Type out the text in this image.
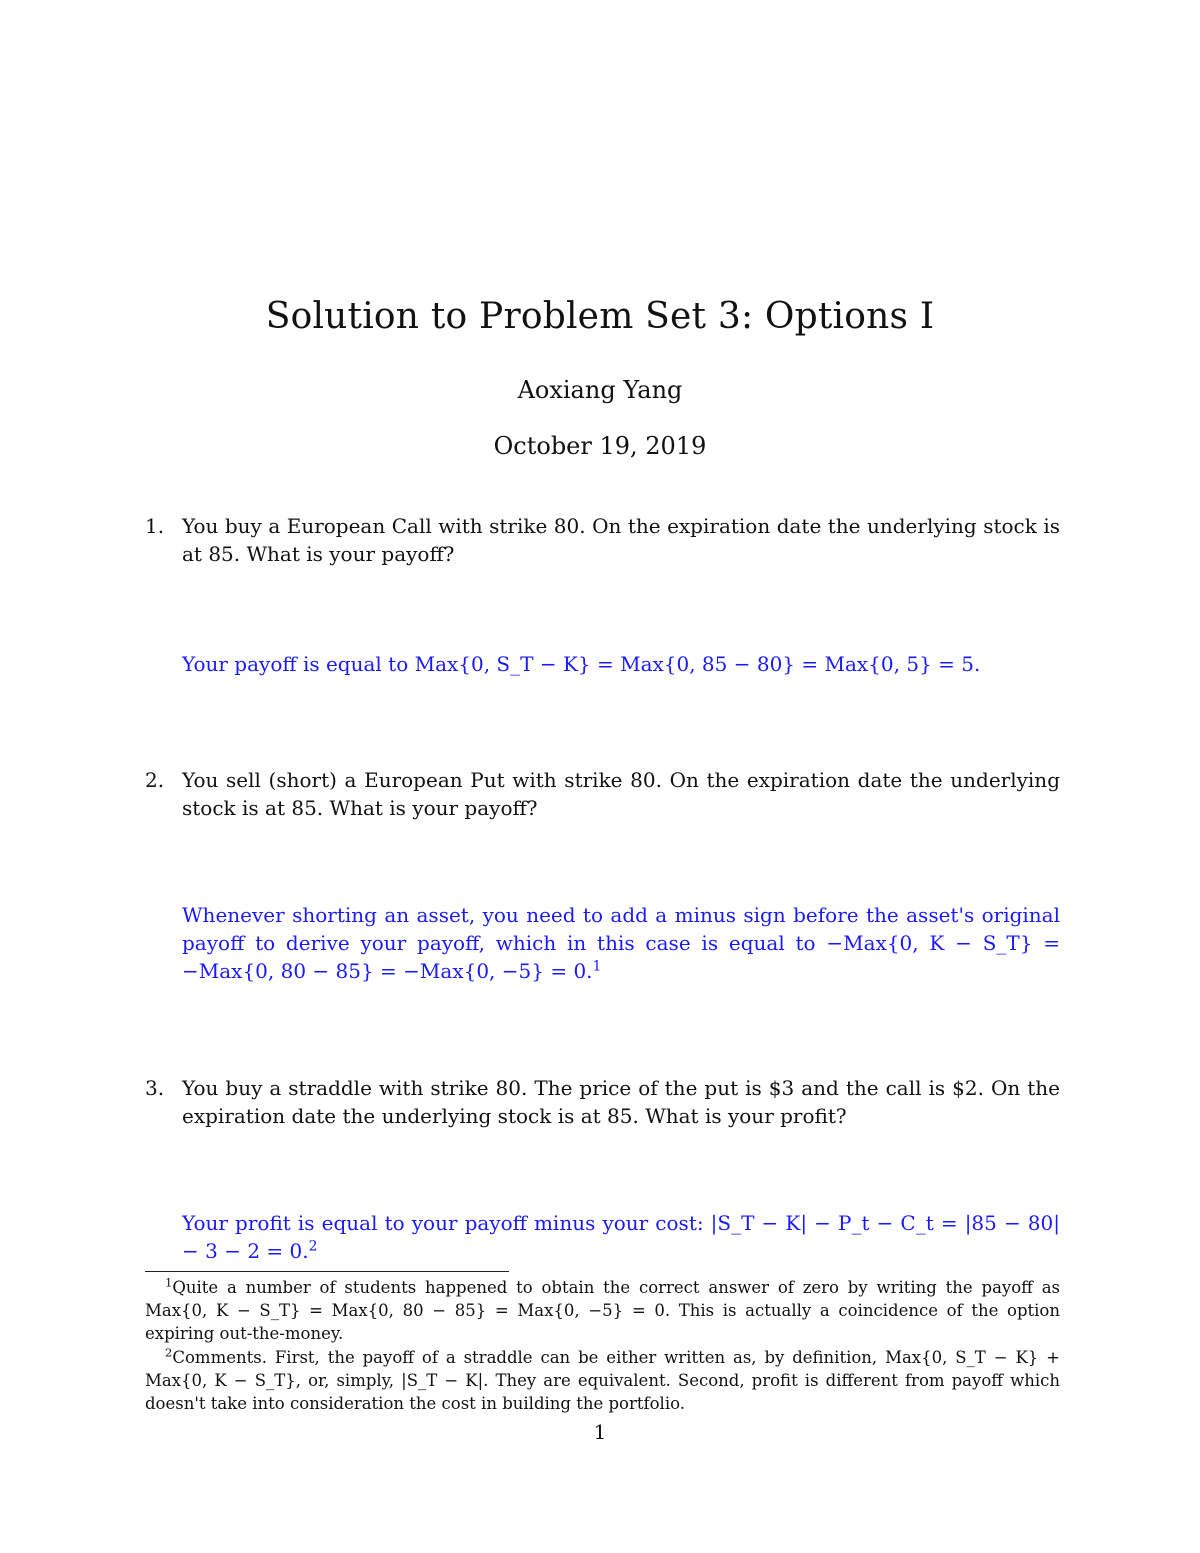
Solution to Problem Set 3: Options I
Aoxiang Yang
October 19, 2019
1. You buy a European Call with strike 80. On the expiration date the underlying stock is at 85. What is your payoff?
Your payoff is equal to Max{0, S_T − K} = Max{0, 85 − 80} = Max{0, 5} = 5.
2. You sell (short) a European Put with strike 80. On the expiration date the underlying stock is at 85. What is your payoff?
Whenever shorting an asset, you need to add a minus sign before the asset's original payoff to derive your payoff, which in this case is equal to −Max{0, K − S_T} = −Max{0, 80 − 85} = −Max{0, −5} = 0.$^1$
3. You buy a straddle with strike 80. The price of the put is $3 and the call is $2. On the expiration date the underlying stock is at 85. What is your profit?
Your profit is equal to your payoff minus your cost: |S_T − K| − P_t − C_t = |85 − 80| − 3 − 2 = 0.$^2$
$^1$Quite a number of students happened to obtain the correct answer of zero by writing the payoff as Max{0, K − S_T} = Max{0, 80 − 85} = Max{0, −5} = 0. This is actually a coincidence of the option expiring out-the-money.
$^2$Comments. First, the payoff of a straddle can be either written as, by definition, Max{0, S_T − K} + Max{0, K − S_T}, or, simply, |S_T − K|. They are equivalent. Second, profit is different from payoff which doesn't take into consideration the cost in building the portfolio.
1
